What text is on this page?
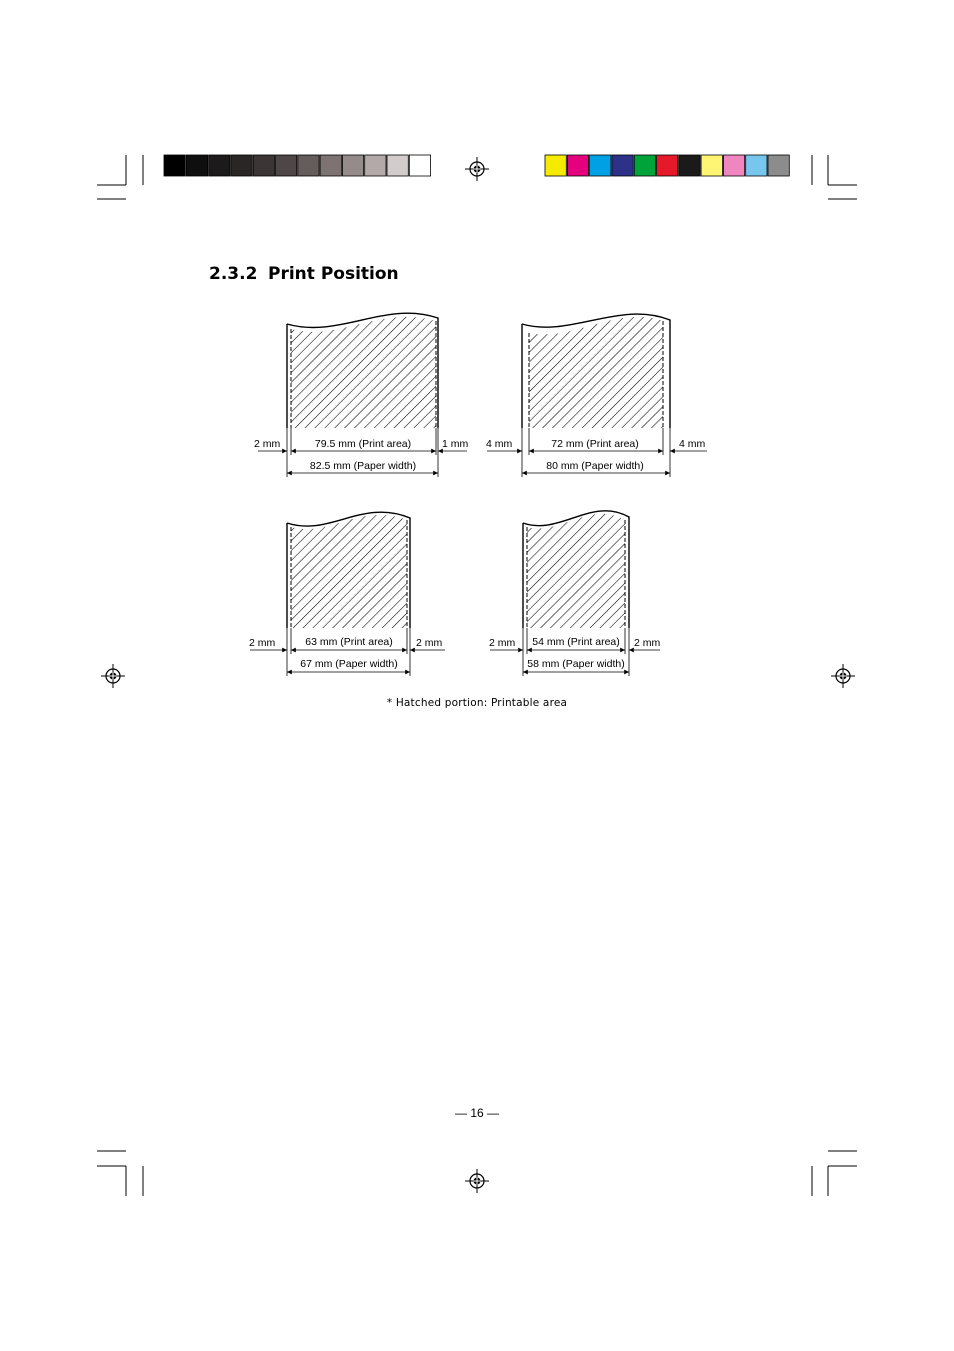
2.3.2 Print Position
2 mm	79.5 mm (Print area)	1 mm
82.5 mm (Paper width)
4 mm	72 mm (Print area)	4 mm
80 mm (Paper width)
2 mm	63 mm (Print area) 2 mm
67 mm (Paper width)
2 mm 54 mm (Print area) 2 mm
58 mm (Paper width)
* Hatched portion: Printable area
— 16 —
